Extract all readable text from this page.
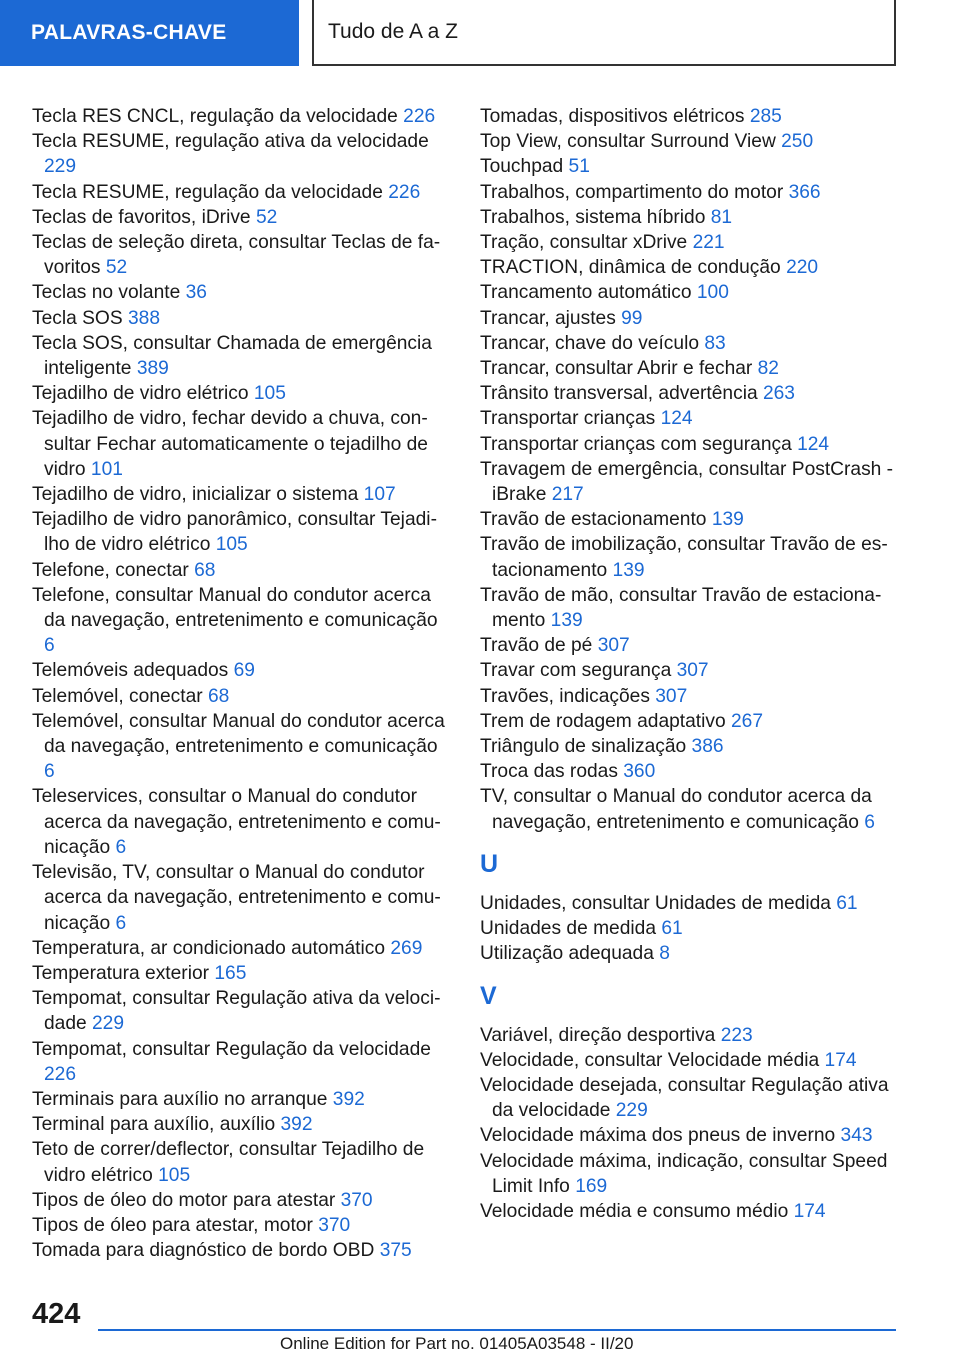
PALAVRAS-CHAVE	Tudo de A a Z
Tecla RES CNCL, regulação da velocidade 226
Tecla RESUME, regulação ativa da velocidade 229
Tecla RESUME, regulação da velocidade 226
Teclas de favoritos, iDrive 52
Teclas de seleção direta, consultar Teclas de favoritos 52
Teclas no volante 36
Tecla SOS 388
Tecla SOS, consultar Chamada de emergência inteligente 389
Tejadilho de vidro elétrico 105
Tejadilho de vidro, fechar devido a chuva, consultar Fechar automaticamente o tejadilho de vidro 101
Tejadilho de vidro, inicializar o sistema 107
Tejadilho de vidro panorâmico, consultar Tejadilho de vidro elétrico 105
Telefone, conectar 68
Telefone, consultar Manual do condutor acerca da navegação, entretenimento e comunicação 6
Telemóveis adequados 69
Telemóvel, conectar 68
Telemóvel, consultar Manual do condutor acerca da navegação, entretenimento e comunicação 6
Teleservices, consultar o Manual do condutor acerca da navegação, entretenimento e comunicação 6
Televisão, TV, consultar o Manual do condutor acerca da navegação, entretenimento e comunicação 6
Temperatura, ar condicionado automático 269
Temperatura exterior 165
Tempomat, consultar Regulação ativa da velocidade 229
Tempomat, consultar Regulação da velocidade 226
Terminais para auxílio no arranque 392
Terminal para auxílio, auxílio 392
Teto de correr/deflector, consultar Tejadilho de vidro elétrico 105
Tipos de óleo do motor para atestar 370
Tipos de óleo para atestar, motor 370
Tomada para diagnóstico de bordo OBD 375
Tomadas, dispositivos elétricos 285
Top View, consultar Surround View 250
Touchpad 51
Trabalhos, compartimento do motor 366
Trabalhos, sistema híbrido 81
Tração, consultar xDrive 221
TRACTION, dinâmica de condução 220
Trancamento automático 100
Trancar, ajustes 99
Trancar, chave do veículo 83
Trancar, consultar Abrir e fechar 82
Trânsito transversal, advertência 263
Transportar crianças 124
Transportar crianças com segurança 124
Travagem de emergência, consultar PostCrash - iBrake 217
Travão de estacionamento 139
Travão de imobilização, consultar Travão de estacionamento 139
Travão de mão, consultar Travão de estacionamento 139
Travão de pé 307
Travar com segurança 307
Travões, indicações 307
Trem de rodagem adaptativo 267
Triângulo de sinalização 386
Troca das rodas 360
TV, consultar o Manual do condutor acerca da navegação, entretenimento e comunicação 6
U
Unidades, consultar Unidades de medida 61
Unidades de medida 61
Utilização adequada 8
V
Variável, direção desportiva 223
Velocidade, consultar Velocidade média 174
Velocidade desejada, consultar Regulação ativa da velocidade 229
Velocidade máxima dos pneus de inverno 343
Velocidade máxima, indicação, consultar Speed Limit Info 169
Velocidade média e consumo médio 174
424
Online Edition for Part no. 01405A03548 - II/20
